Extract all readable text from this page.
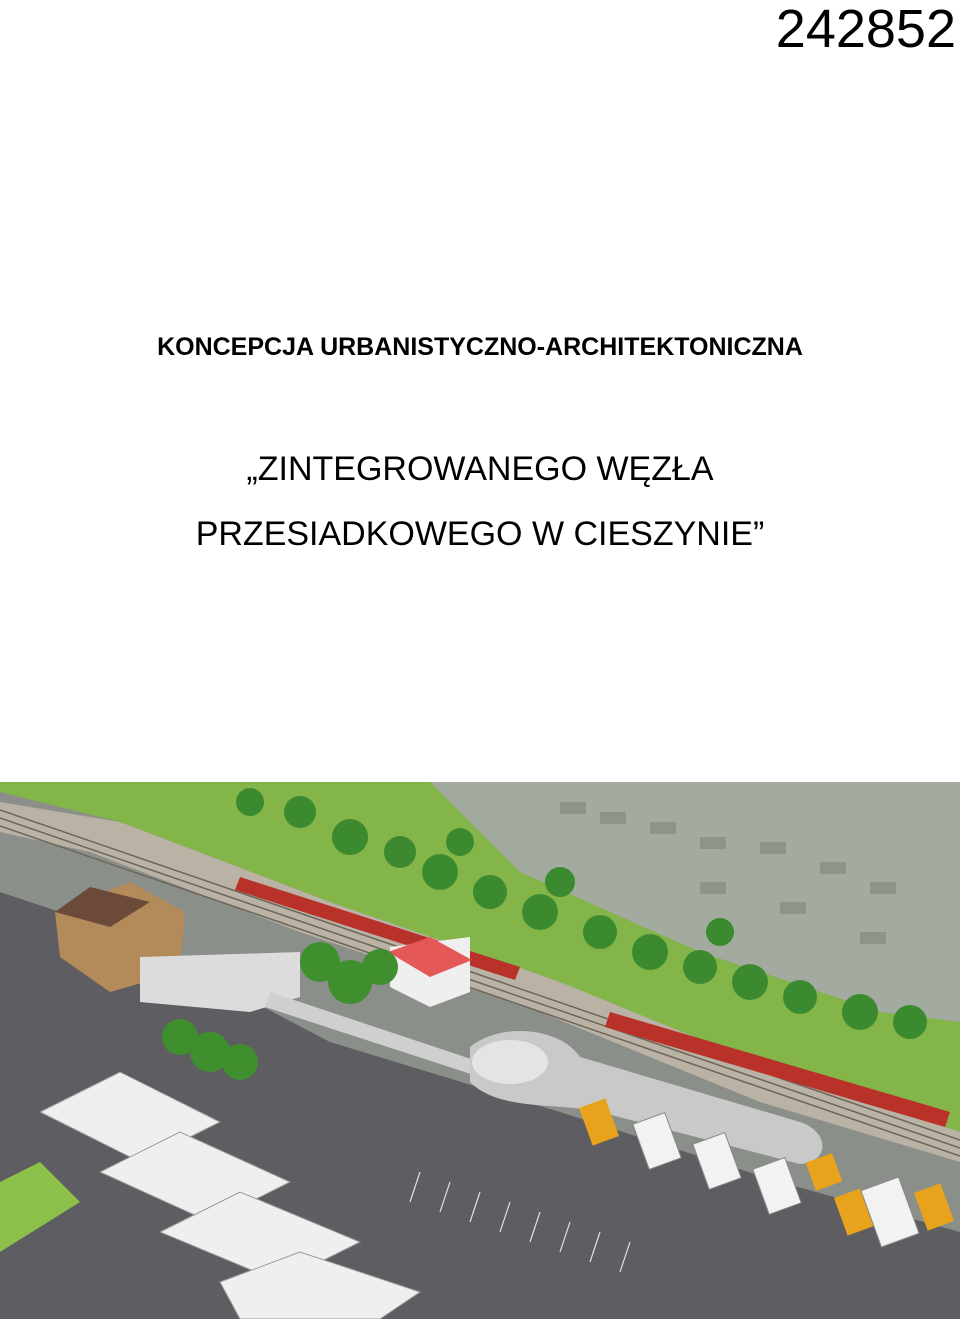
242852
KONCEPCJA URBANISTYCZNO-ARCHITEKTONICZNA
„ZINTEGROWANEGO WĘZŁA
PRZESIADKOWEGO W CIESZYNIE”
